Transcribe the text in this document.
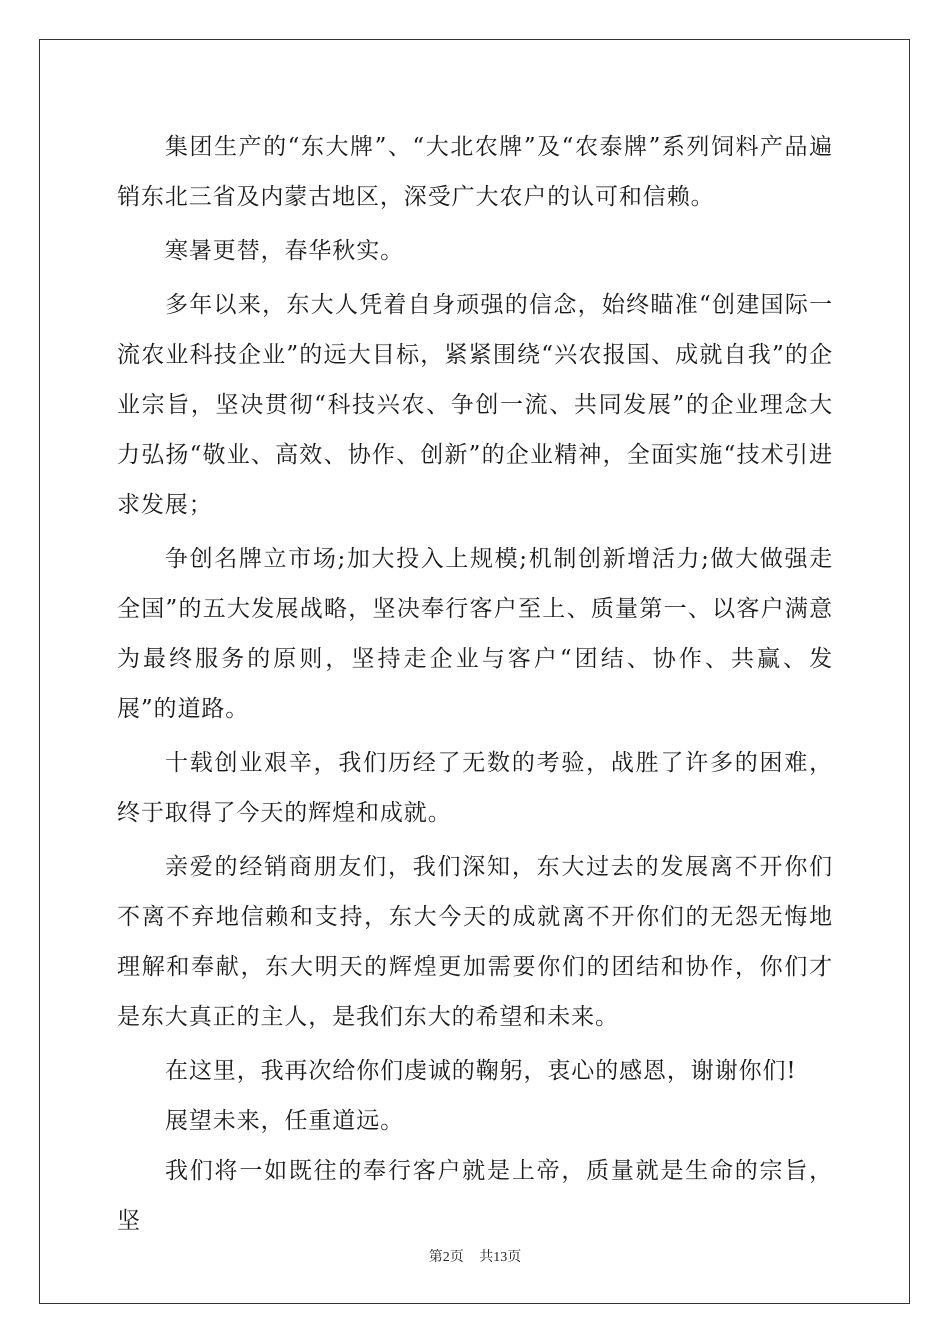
集团生产的“东大牌”、“大北农牌”及“农泰牌”系列饲料产品遍销东北三省及内蒙古地区，深受广大农户的认可和信赖。

寒暑更替，春华秋实。

多年以来，东大人凭着自身顽强的信念，始终瞄准“创建国际一流农业科技企业”的远大目标，紧紧围绕“兴农报国、成就自我”的企业宗旨，坚决贯彻“科技兴农、争创一流、共同发展”的企业理念大力弘扬“敬业、高效、协作、创新”的企业精神，全面实施“技术引进求发展；

争创名牌立市场;加大投入上规模;机制创新增活力;做大做强走全国”的五大发展战略，坚决奉行客户至上、质量第一、以客户满意为最终服务的原则，坚持走企业与客户“团结、协作、共赢、发展”的道路。

十载创业艰辛，我们历经了无数的考验，战胜了许多的困难，终于取得了今天的辉煌和成就。

亲爱的经销商朋友们，我们深知，东大过去的发展离不开你们不离不弃地信赖和支持，东大今天的成就离不开你们的无怨无悔地理解和奉献，东大明天的辉煌更加需要你们的团结和协作，你们才是东大真正的主人，是我们东大的希望和未来。

在这里，我再次给你们虔诚的鞠躬，衷心的感恩，谢谢你们!

展望未来，任重道远。

我们将一如既往的奉行客户就是上帝，质量就是生命的宗旨，坚

第2页 共13页
